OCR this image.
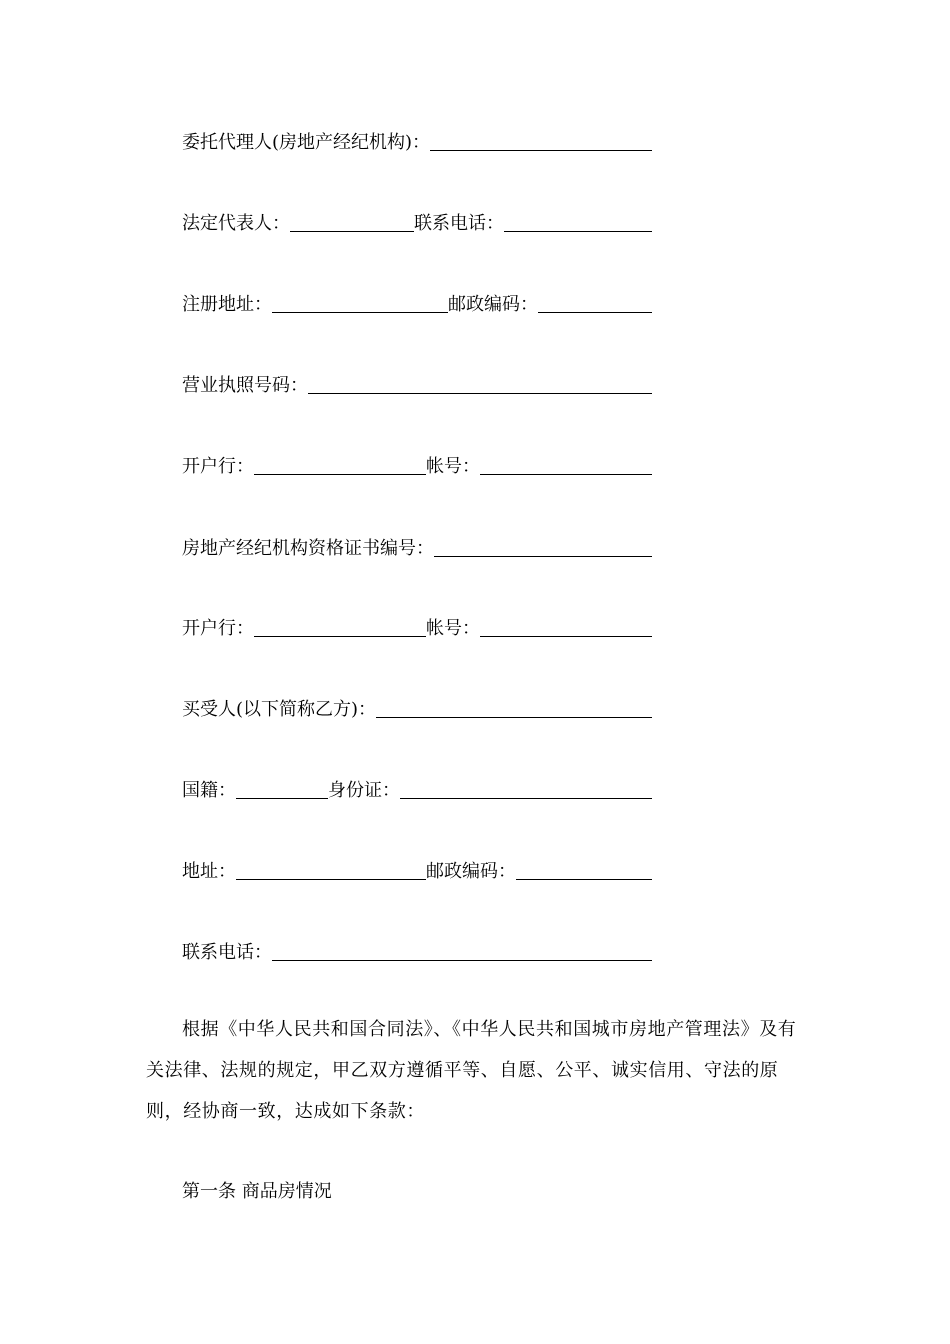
委托代理人(房地产经纪机构)：
法定代表人：	联系电话：
注册地址：	邮政编码：
营业执照号码：
开户行：	帐号：
房地产经纪机构资格证书编号：
开户行：	帐号：
买受人(以下简称乙方)：
国籍：	身份证：
地址：	邮政编码：
联系电话：
根据《中华人民共和国合同法》、《中华人民共和国城市房地产管理法》及有关法律、法规的规定，甲乙双方遵循平等、自愿、公平、诚实信用、守法的原则，经协商一致，达成如下条款：
第一条 商品房情况
